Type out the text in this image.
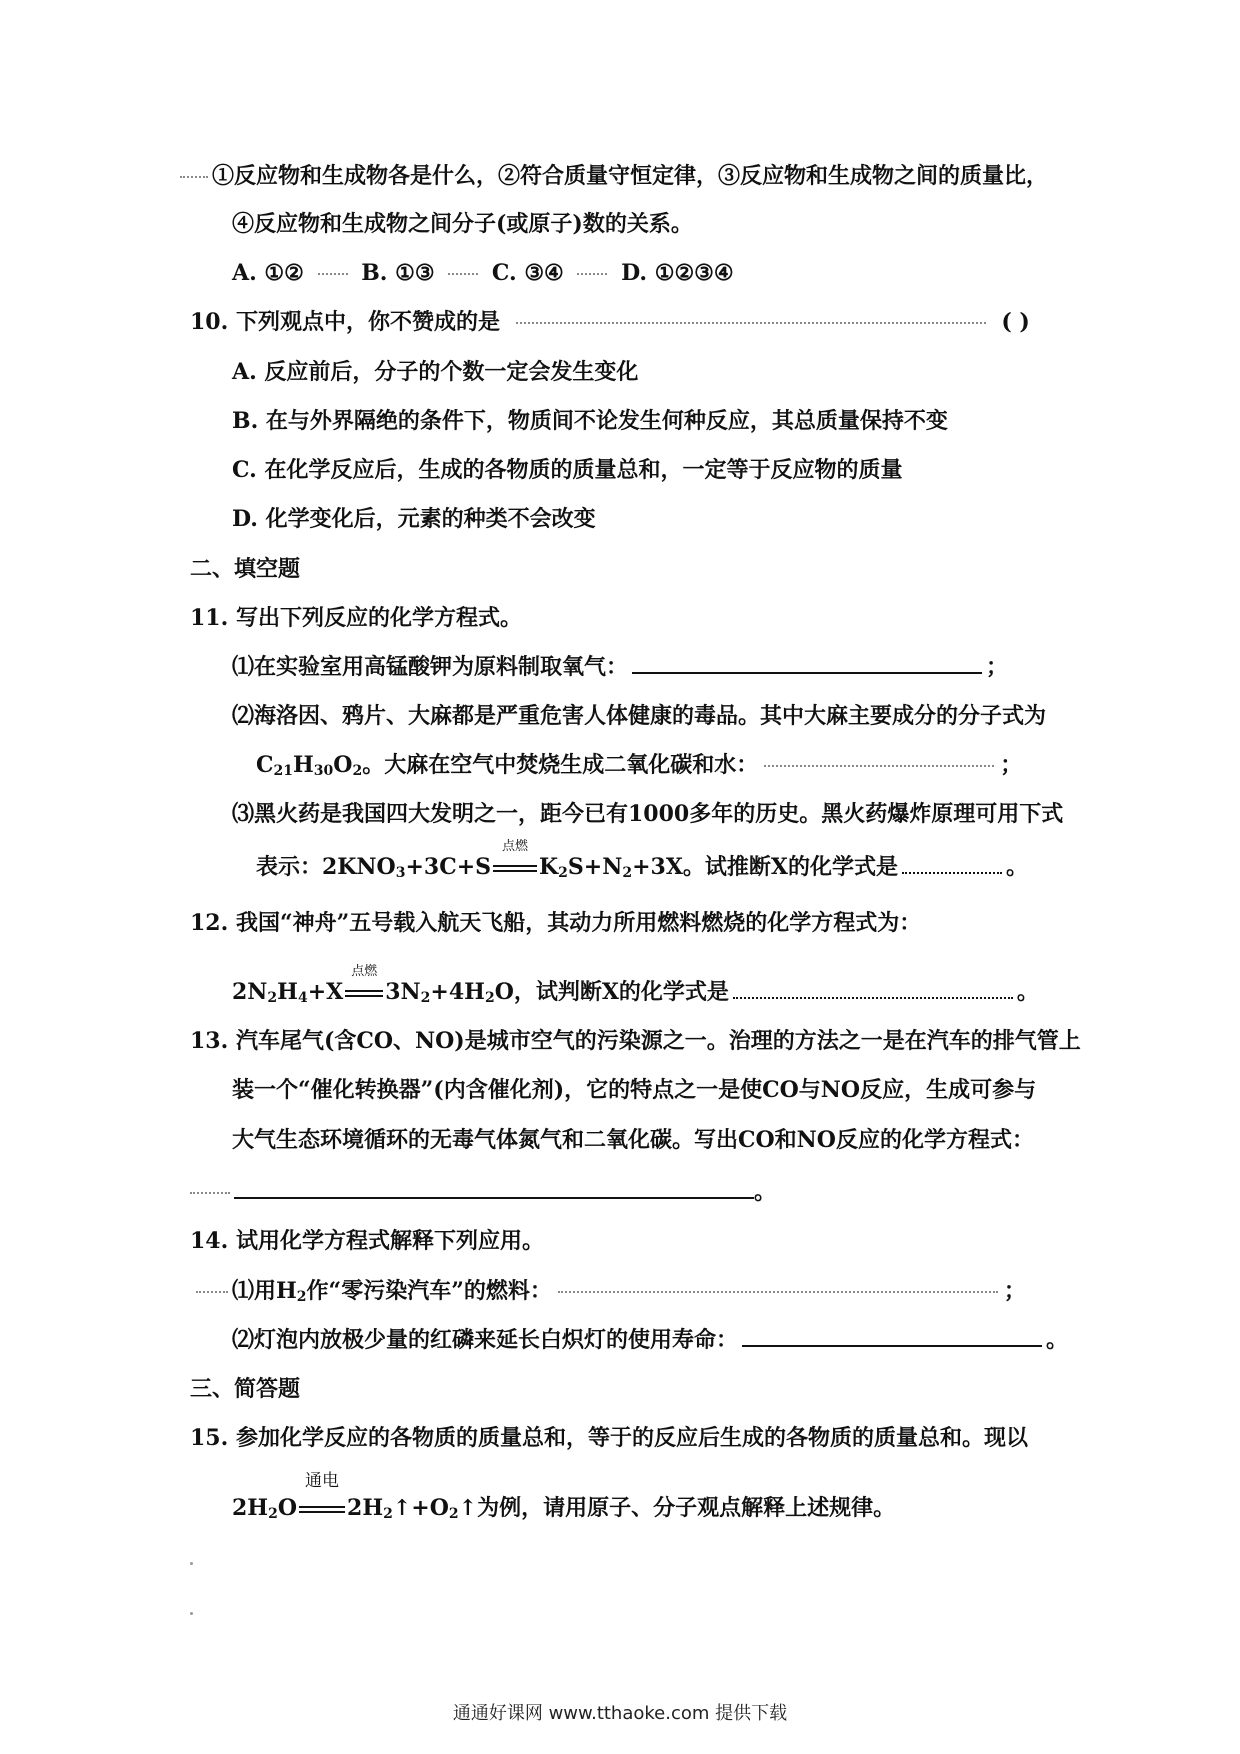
①反应物和生成物各是什么，②符合质量守恒定律，③反应物和生成物之间的质量比，
④反应物和生成物之间分子(或原子)数的关系。
A. ①②	B. ①③	C. ③④	D. ①②③④
10. 下列观点中，你不赞成的是	( )
A. 反应前后，分子的个数一定会发生变化
B. 在与外界隔绝的条件下，物质间不论发生何种反应，其总质量保持不变
C. 在化学反应后，生成的各物质的质量总和，一定等于反应物的质量
D. 化学变化后，元素的种类不会改变
二、填空题
11. 写出下列反应的化学方程式。
⑴在实验室用高锰酸钾为原料制取氧气：	；
⑵海洛因、鸦片、大麻都是严重危害人体健康的毒品。其中大麻主要成分的分子式为
$C_{21}H_{30}O_2$。大麻在空气中焚烧生成二氧化碳和水：	；
⑶黑火药是我国四大发明之一，距今已有1000多年的历史。黑火药爆炸原理可用下式
表示：$2KNO_3+3C+S$
点燃
$K_2S+N_2+3X$。试推断X的化学式是	。
12. 我国“神舟”五号载入航天飞船，其动力所用燃料燃烧的化学方程式为：
$2N_2H_4+X$
点燃
$3N_2+4H_2O$，试判断X的化学式是	。
13. 汽车尾气(含CO、NO)是城市空气的污染源之一。治理的方法之一是在汽车的排气管上
装一个“催化转换器”(内含催化剂)，它的特点之一是使CO与NO反应，生成可参与
大气生态环境循环的无毒气体氮气和二氧化碳。写出CO和NO反应的化学方程式：
。
14. 试用化学方程式解释下列应用。
⑴用$H_2$作“零污染汽车”的燃料：	；
⑵灯泡内放极少量的红磷来延长白炽灯的使用寿命：	。
三、简答题
15. 参加化学反应的各物质的质量总和，等于的反应后生成的各物质的质量总和。现以
$2H_2O$
通电
$2H_2↑+O_2↑$为例，请用原子、分子观点解释上述规律。
通通好课网 www.tthaoke.com 提供下载
